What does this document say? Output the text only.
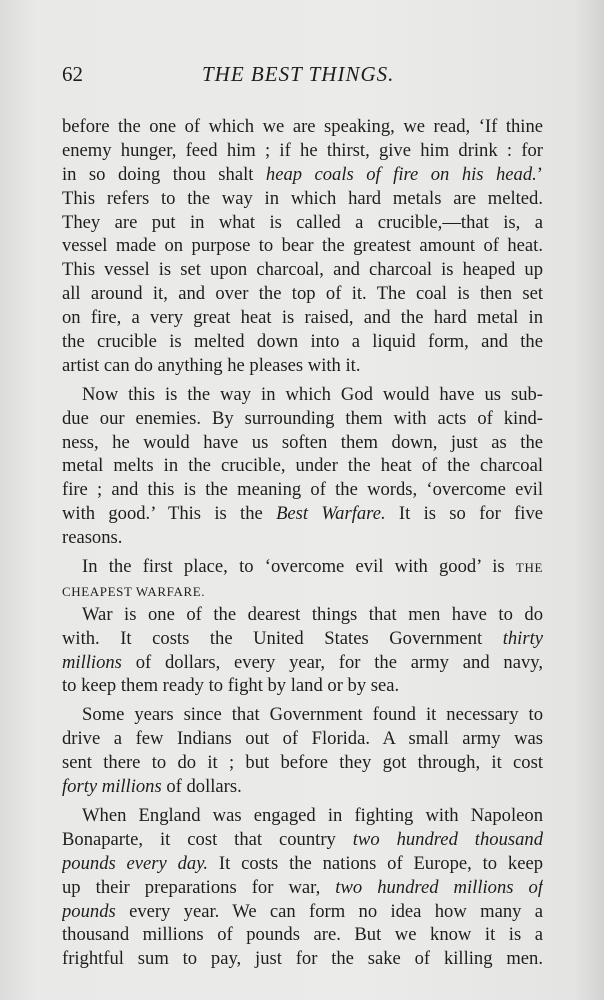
62	THE BEST THINGS.
before the one of which we are speaking, we read, ‘If thine
enemy hunger, feed him ; if he thirst, give him drink : for
in so doing thou shalt heap coals of fire on his head.’
This refers to the way in which hard metals are melted.
They are put in what is called a crucible,—that is, a
vessel made on purpose to bear the greatest amount of heat.
This vessel is set upon charcoal, and charcoal is heaped up
all around it, and over the top of it. The coal is then set
on fire, a very great heat is raised, and the hard metal in
the crucible is melted down into a liquid form, and the
artist can do anything he pleases with it.
Now this is the way in which God would have us sub-
due our enemies. By surrounding them with acts of kind-
ness, he would have us soften them down, just as the
metal melts in the crucible, under the heat of the charcoal
fire ; and this is the meaning of the words, ‘overcome evil
with good.’ This is the Best Warfare. It is so for five
reasons.
In the first place, to ‘overcome evil with good’ is THE
CHEAPEST WARFARE.
War is one of the dearest things that men have to do
with. It costs the United States Government thirty
millions of dollars, every year, for the army and navy,
to keep them ready to fight by land or by sea.
Some years since that Government found it necessary to
drive a few Indians out of Florida. A small army was
sent there to do it ; but before they got through, it cost
forty millions of dollars.
When England was engaged in fighting with Napoleon
Bonaparte, it cost that country two hundred thousand
pounds every day. It costs the nations of Europe, to keep
up their preparations for war, two hundred millions of
pounds every year. We can form no idea how many a
thousand millions of pounds are. But we know it is a
frightful sum to pay, just for the sake of killing men.
